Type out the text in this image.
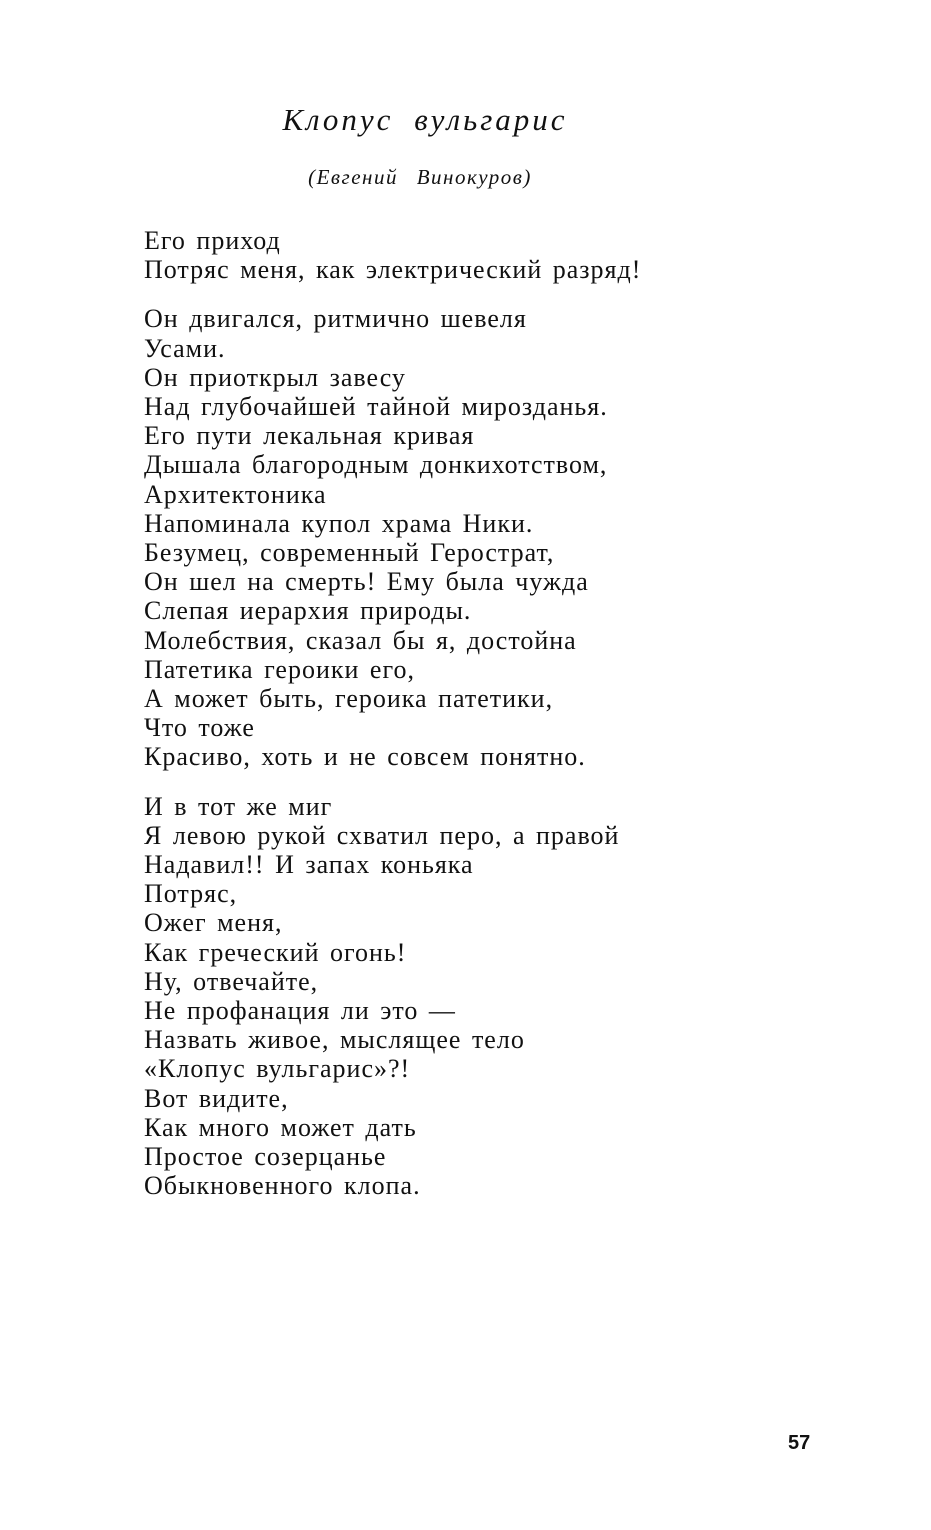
Клопус вульгарис
(Евгений Винокуров)
Его приход
Потряс меня, как электрический разряд!
Он двигался, ритмично шевеля
Усами.
Он приоткрыл завесу
Над глубочайшей тайной мирозданья.
Его пути лекальная кривая
Дышала благородным донкихотством,
Архитектоника
Напоминала купол храма Ники.
Безумец, современный Герострат,
Он шел на смерть! Ему была чужда
Слепая иерархия природы.
Молебствия, сказал бы я, достойна
Патетика героики его,
А может быть, героика патетики,
Что тоже
Красиво, хоть и не совсем понятно.
И в тот же миг
Я левою рукой схватил перо, а правой
Надавил!! И запах коньяка
Потряс,
Ожег меня,
Как греческий огонь!
Ну, отвечайте,
Не профанация ли это —
Назвать живое, мыслящее тело
«Клопус вульгарис»?!
Вот видите,
Как много может дать
Простое созерцанье
Обыкновенного клопа.
57
